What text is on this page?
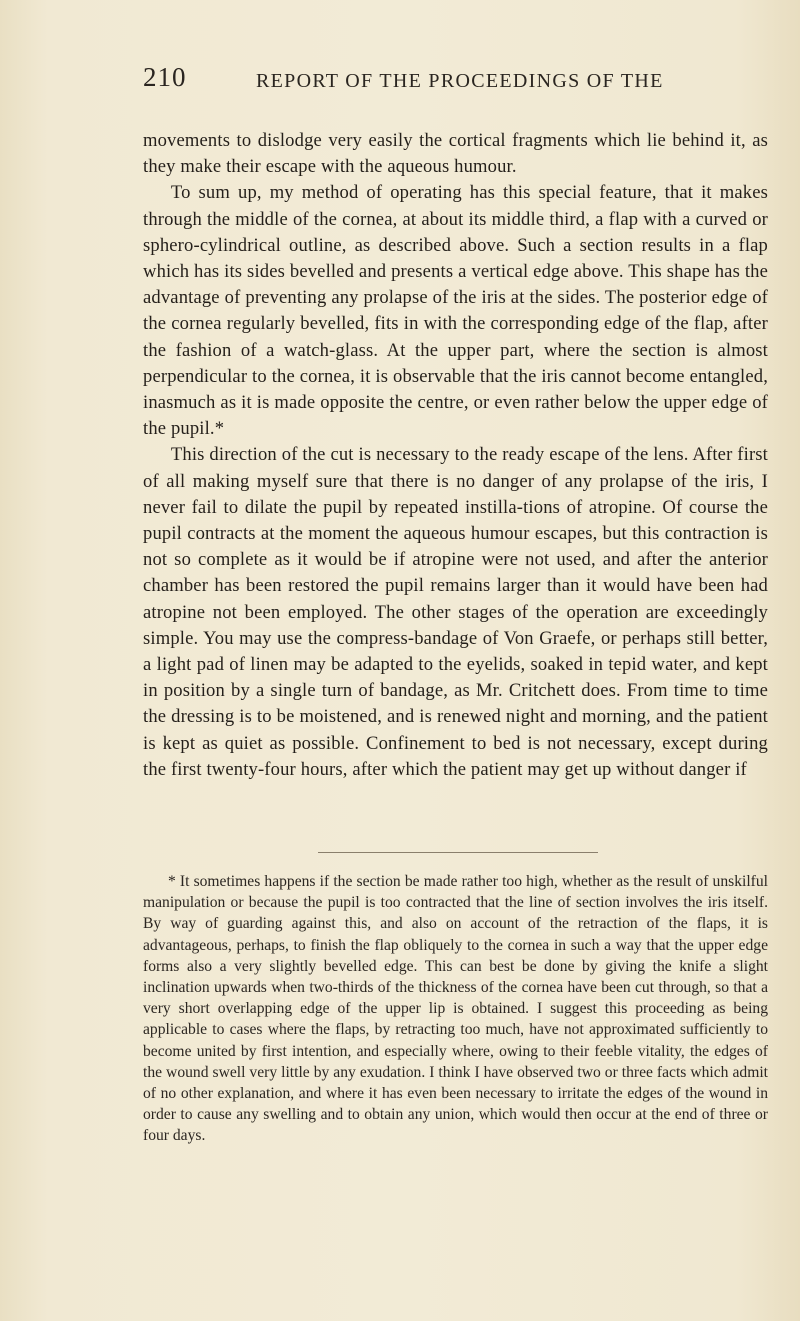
210	REPORT OF THE PROCEEDINGS OF THE

movements to dislodge very easily the cortical fragments which lie behind it, as they make their escape with the aqueous humour.

To sum up, my method of operating has this special feature, that it makes through the middle of the cornea, at about its middle third, a flap with a curved or sphero-cylindrical outline, as described above. Such a section results in a flap which has its sides bevelled and presents a vertical edge above. This shape has the advantage of preventing any prolapse of the iris at the sides. The posterior edge of the cornea regularly bevelled, fits in with the corresponding edge of the flap, after the fashion of a watch-glass. At the upper part, where the section is almost perpendicular to the cornea, it is observable that the iris cannot become entangled, inasmuch as it is made opposite the centre, or even rather below the upper edge of the pupil.*

This direction of the cut is necessary to the ready escape of the lens. After first of all making myself sure that there is no danger of any prolapse of the iris, I never fail to dilate the pupil by repeated instilla-tions of atropine. Of course the pupil contracts at the moment the aqueous humour escapes, but this contraction is not so complete as it would be if atropine were not used, and after the anterior chamber has been restored the pupil remains larger than it would have been had atropine not been employed. The other stages of the operation are exceedingly simple. You may use the compress-bandage of Von Graefe, or perhaps still better, a light pad of linen may be adapted to the eyelids, soaked in tepid water, and kept in position by a single turn of bandage, as Mr. Critchett does. From time to time the dressing is to be moistened, and is renewed night and morning, and the patient is kept as quiet as possible. Confinement to bed is not necessary, except during the first twenty-four hours, after which the patient may get up without danger if

* It sometimes happens if the section be made rather too high, whether as the result of unskilful manipulation or because the pupil is too contracted that the line of section involves the iris itself. By way of guarding against this, and also on account of the retraction of the flaps, it is advantageous, perhaps, to finish the flap obliquely to the cornea in such a way that the upper edge forms also a very slightly bevelled edge. This can best be done by giving the knife a slight inclination upwards when two-thirds of the thickness of the cornea have been cut through, so that a very short overlapping edge of the upper lip is obtained. I suggest this proceeding as being applicable to cases where the flaps, by retracting too much, have not approximated sufficiently to become united by first intention, and especially where, owing to their feeble vitality, the edges of the wound swell very little by any exudation. I think I have observed two or three facts which admit of no other explanation, and where it has even been necessary to irritate the edges of the wound in order to cause any swelling and to obtain any union, which would then occur at the end of three or four days.
